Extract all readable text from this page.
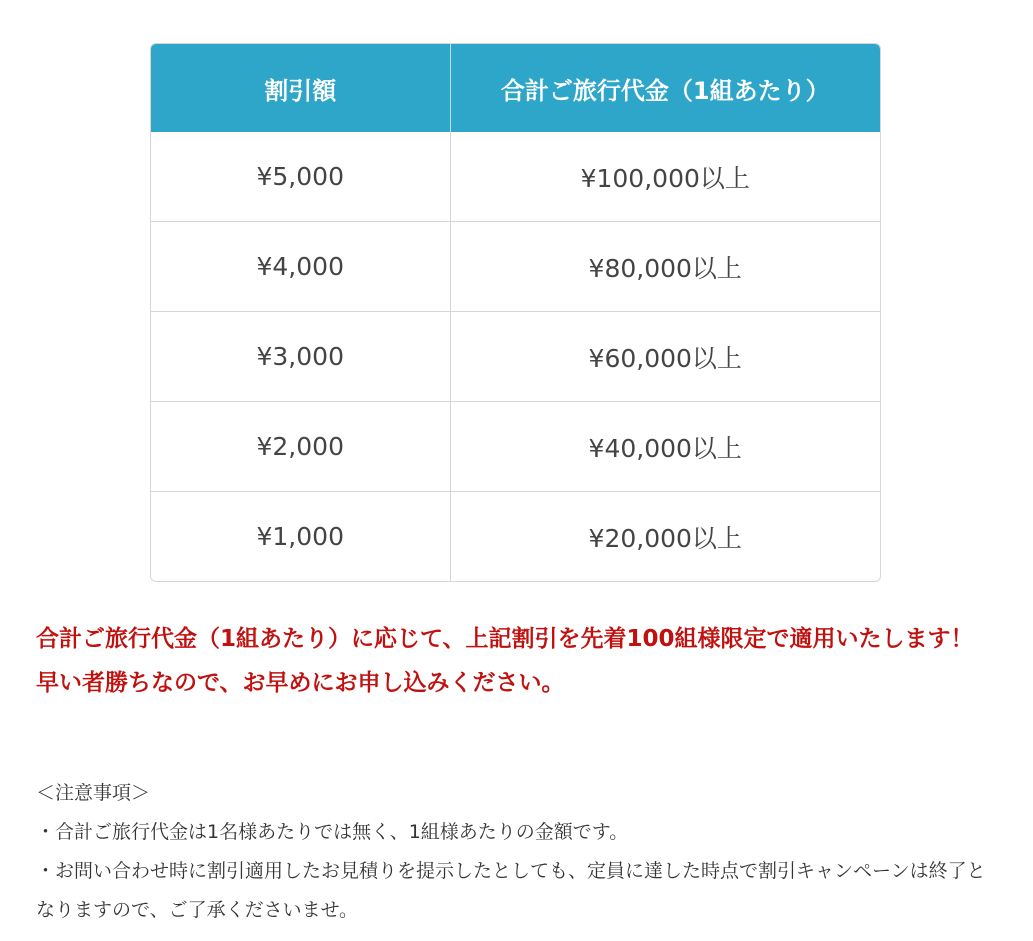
割引額	合計ご旅行代金（1組あたり）
¥5,000	¥100,000以上
¥4,000	¥80,000以上
¥3,000	¥60,000以上
¥2,000	¥40,000以上
¥1,000	¥20,000以上

合計ご旅行代金（1組あたり）に応じて、上記割引を先着100組様限定で適用いたします！

早い者勝ちなので、お早めにお申し込みください。

＜注意事項＞

・合計ご旅行代金は1名様あたりでは無く、1組様あたりの金額です。

・お問い合わせ時に割引適用したお見積りを提示したとしても、定員に達した時点で割引キャンペーンは終了となりますので、ご了承くださいませ。
